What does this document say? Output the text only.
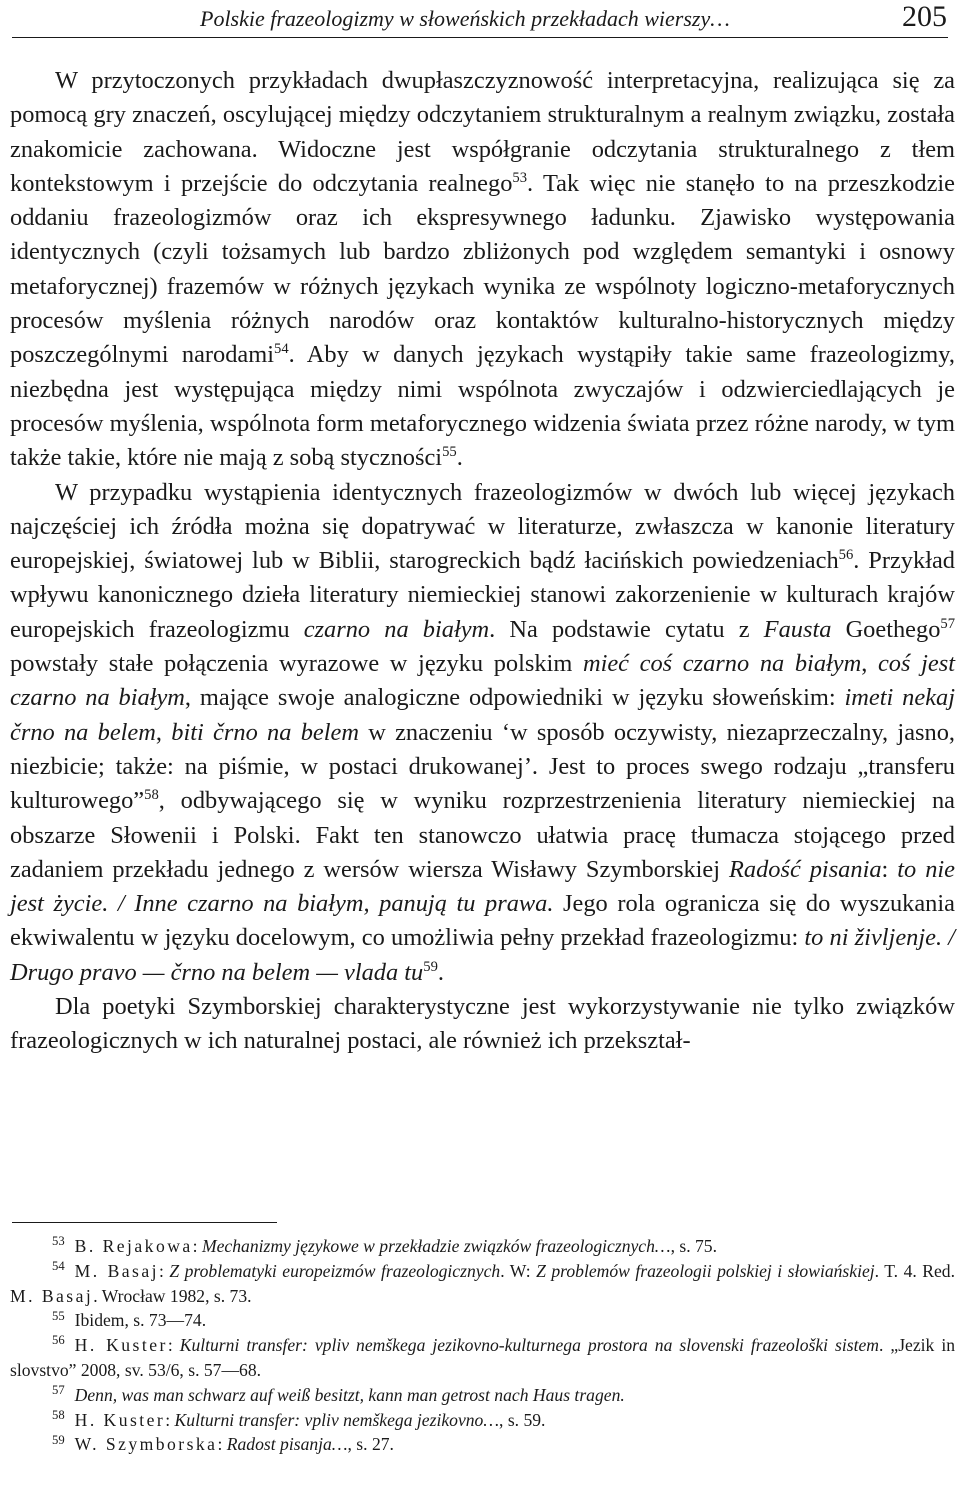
Polskie frazeologizmy w słoweńskich przekładach wierszy…	205

W przytoczonych przykładach dwupłaszczyznowość interpretacyjna, realizująca się za pomocą gry znaczeń, oscylującej między odczytaniem strukturalnym a realnym związku, została znakomicie zachowana. Widoczne jest współgranie odczytania strukturalnego z tłem kontekstowym i przejście do odczytania realnego$^{53}$. Tak więc nie stanęło to na przeszkodzie oddaniu frazeologizmów oraz ich ekspresywnego ładunku. Zjawisko występowania identycznych (czyli tożsamych lub bardzo zbliżonych pod względem semantyki i osnowy metaforycznej) frazemów w różnych językach wynika ze wspólnoty logiczno-metaforycznych procesów myślenia różnych narodów oraz kontaktów kulturalno-historycznych między poszczególnymi narodami$^{54}$. Aby w danych językach wystąpiły takie same frazeologizmy, niezbędna jest występująca między nimi wspólnota zwyczajów i odzwierciedlających je procesów myślenia, wspólnota form metaforycznego widzenia świata przez różne narody, w tym także takie, które nie mają z sobą styczności$^{55}$.

W przypadku wystąpienia identycznych frazeologizmów w dwóch lub więcej językach najczęściej ich źródła można się dopatrywać w literaturze, zwłaszcza w kanonie literatury europejskiej, światowej lub w Biblii, starogreckich bądź łacińskich powiedzeniach$^{56}$. Przykład wpływu kanonicznego dzieła literatury niemieckiej stanowi zakorzenienie w kulturach krajów europejskich frazeologizmu czarno na białym. Na podstawie cytatu z Fausta Goethego$^{57}$ powstały stałe połączenia wyrazowe w języku polskim mieć coś czarno na białym, coś jest czarno na białym, mające swoje analogiczne odpowiedniki w języku słoweńskim: imeti nekaj črno na belem, biti črno na belem w znaczeniu ‘w sposób oczywisty, niezaprzeczalny, jasno, niezbicie; także: na piśmie, w postaci drukowanej’. Jest to proces swego rodzaju „transferu kulturowego”$^{58}$, odbywającego się w wyniku rozprzestrzenienia literatury niemieckiej na obszarze Słowenii i Polski. Fakt ten stanowczo ułatwia pracę tłumacza stojącego przed zadaniem przekładu jednego z wersów wiersza Wisławy Szymborskiej Radość pisania: to nie jest życie. / Inne czarno na białym, panują tu prawa. Jego rola ogranicza się do wyszukania ekwiwalentu w języku docelowym, co umożliwia pełny przekład frazeologizmu: to ni življenje. / Drugo pravo — črno na belem — vlada $tu^{59}$.

Dla poetyki Szymborskiej charakterystyczne jest wykorzystywanie nie tylko związków frazeologicznych w ich naturalnej postaci, ale również ich przekształ-

$^{53}$ B. Rejakowa: Mechanizmy językowe w przekładzie związków frazeologicznych…, s. 75.

$^{54}$ M. Basaj: Z problematyki europeizmów frazeologicznych. W: Z problemów frazeologii polskiej i słowiańskiej. T. 4. Red. M. Basaj. Wrocław 1982, s. 73.

$^{55}$ Ibidem, s. 73—74.

$^{56}$ H. Kuster: Kulturni transfer: vpliv nemškega jezikovno-kulturnega prostora na slovenski frazeološki sistem. „Jezik in slovstvo” 2008, sv. 53/6, s. 57—68.

$^{57}$ Denn, was man schwarz auf weiß besitzt, kann man getrost nach Haus tragen.

$^{58}$ H. Kuster: Kulturni transfer: vpliv nemškega jezikovno…, s. 59.

$^{59}$ W. Szymborska: Radost pisanja…, s. 27.
